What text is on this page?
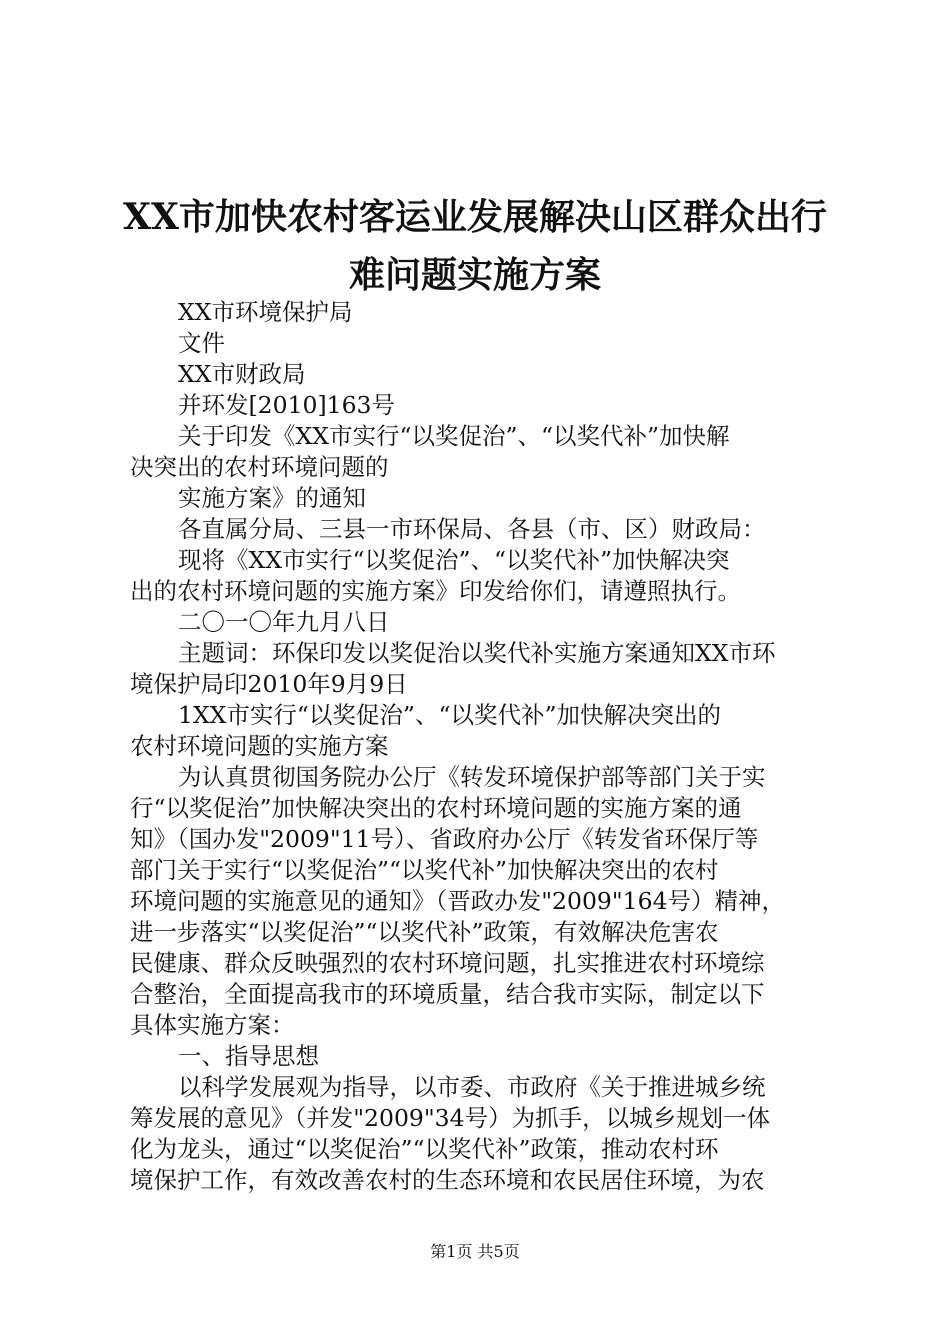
XX市加快农村客运业发展解决山区群众出行
难问题实施方案

XX市环境保护局

文件

XX市财政局

并环发[2010]163号

关于印发《XX市实行“以奖促治”、“以奖代补”加快解

决突出的农村环境问题的

实施方案》的通知

各直属分局、三县一市环保局、各县（市、区）财政局：

现将《XX市实行“以奖促治”、“以奖代补”加快解决突

出的农村环境问题的实施方案》印发给你们，请遵照执行。

二〇一〇年九月八日

主题词：环保印发以奖促治以奖代补实施方案通知XX市环

境保护局印2010年9月9日

1XX市实行“以奖促治”、“以奖代补”加快解决突出的

农村环境问题的实施方案

为认真贯彻国务院办公厅《转发环境保护部等部门关于实

行“以奖促治”加快解决突出的农村环境问题的实施方案的通

知》（国办发"2009"11号）、省政府办公厅《转发省环保厅等

部门关于实行“以奖促治”“以奖代补”加快解决突出的农村

环境问题的实施意见的通知》（晋政办发"2009"164号）精神，

进一步落实“以奖促治”“以奖代补”政策，有效解决危害农

民健康、群众反映强烈的农村环境问题，扎实推进农村环境综

合整治，全面提高我市的环境质量，结合我市实际，制定以下

具体实施方案：

一、指导思想

以科学发展观为指导，以市委、市政府《关于推进城乡统

筹发展的意见》（并发"2009"34号）为抓手，以城乡规划一体

化为龙头，通过“以奖促治”“以奖代补”政策，推动农村环

境保护工作，有效改善农村的生态环境和农民居住环境，为农

第1页 共5页
